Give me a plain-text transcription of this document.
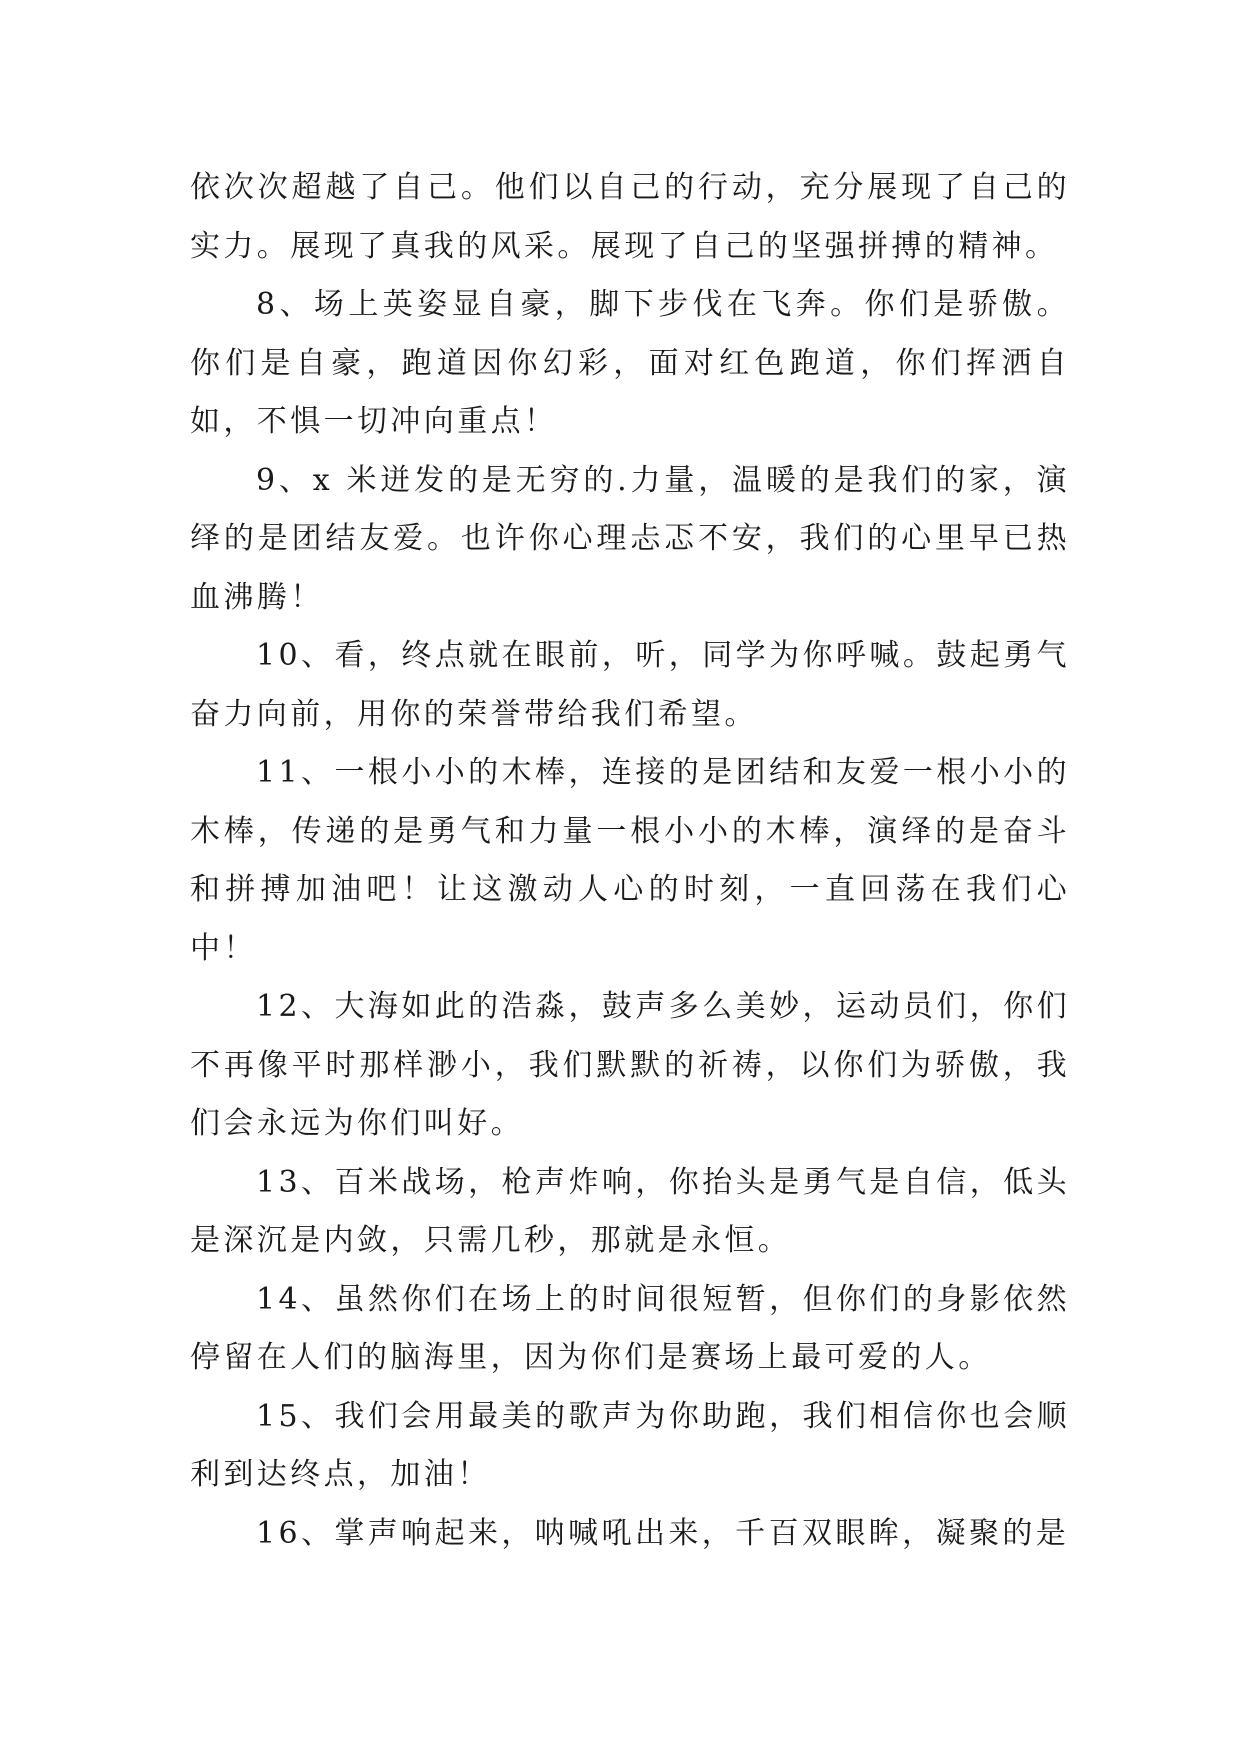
依次次超越了自己。他们以自己的行动，充分展现了自己的实力。展现了真我的风采。展现了自己的坚强拼搏的精神。

8、场上英姿显自豪，脚下步伐在飞奔。你们是骄傲。你们是自豪，跑道因你幻彩，面对红色跑道，你们挥洒自如，不惧一切冲向重点！

9、x 米迸发的是无穷的.力量，温暖的是我们的家，演绎的是团结友爱。也许你心理忐忑不安，我们的心里早已热血沸腾！

10、看，终点就在眼前，听，同学为你呼喊。鼓起勇气奋力向前，用你的荣誉带给我们希望。

11、一根小小的木棒，连接的是团结和友爱一根小小的木棒，传递的是勇气和力量一根小小的木棒，演绎的是奋斗和拼搏加油吧！让这激动人心的时刻，一直回荡在我们心中！

12、大海如此的浩淼，鼓声多么美妙，运动员们，你们不再像平时那样渺小，我们默默的祈祷，以你们为骄傲，我们会永远为你们叫好。

13、百米战场，枪声炸响，你抬头是勇气是自信，低头是深沉是内敛，只需几秒，那就是永恒。

14、虽然你们在场上的时间很短暂，但你们的身影依然停留在人们的脑海里，因为你们是赛场上最可爱的人。

15、我们会用最美的歌声为你助跑，我们相信你也会顺利到达终点，加油！

16、掌声响起来，呐喊吼出来，千百双眼眸，凝聚的是
